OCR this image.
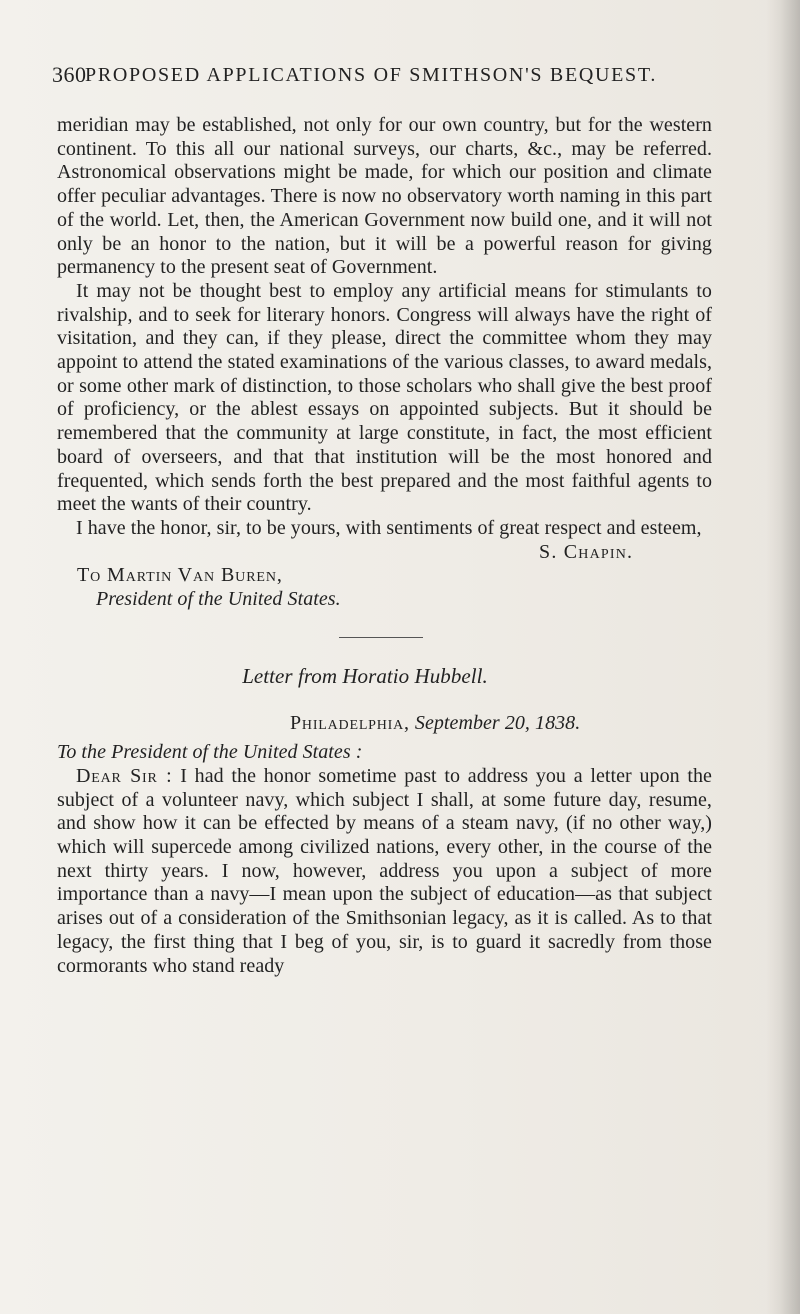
360
PROPOSED APPLICATIONS OF SMITHSON'S BEQUEST.

meridian may be established, not only for our own country, but for the western continent. To this all our national surveys, our charts, &c., may be referred. Astronomical observations might be made, for which our position and climate offer peculiar advantages. There is now no observatory worth naming in this part of the world. Let, then, the American Government now build one, and it will not only be an honor to the nation, but it will be a powerful reason for giving permanency to the present seat of Government.

It may not be thought best to employ any artificial means for stimulants to rivalship, and to seek for literary honors. Congress will always have the right of visitation, and they can, if they please, direct the committee whom they may appoint to attend the stated examinations of the various classes, to award medals, or some other mark of distinction, to those scholars who shall give the best proof of proficiency, or the ablest essays on appointed subjects. But it should be remembered that the community at large constitute, in fact, the most efficient board of overseers, and that that institution will be the most honored and frequented, which sends forth the best prepared and the most faithful agents to meet the wants of their country.

I have the honor, sir, to be yours, with sentiments of great respect and esteem,

S. Chapin.

To Martin Van Buren,

President of the United States.

Letter from Horatio Hubbell.

Philadelphia, September 20, 1838.

To the President of the United States :

Dear Sir : I had the honor sometime past to address you a letter upon the subject of a volunteer navy, which subject I shall, at some future day, resume, and show how it can be effected by means of a steam navy, (if no other way,) which will supercede among civilized nations, every other, in the course of the next thirty years. I now, however, address you upon a subject of more importance than a navy—I mean upon the subject of education—as that subject arises out of a consideration of the Smithsonian legacy, as it is called. As to that legacy, the first thing that I beg of you, sir, is to guard it sacredly from those cormorants who stand ready
